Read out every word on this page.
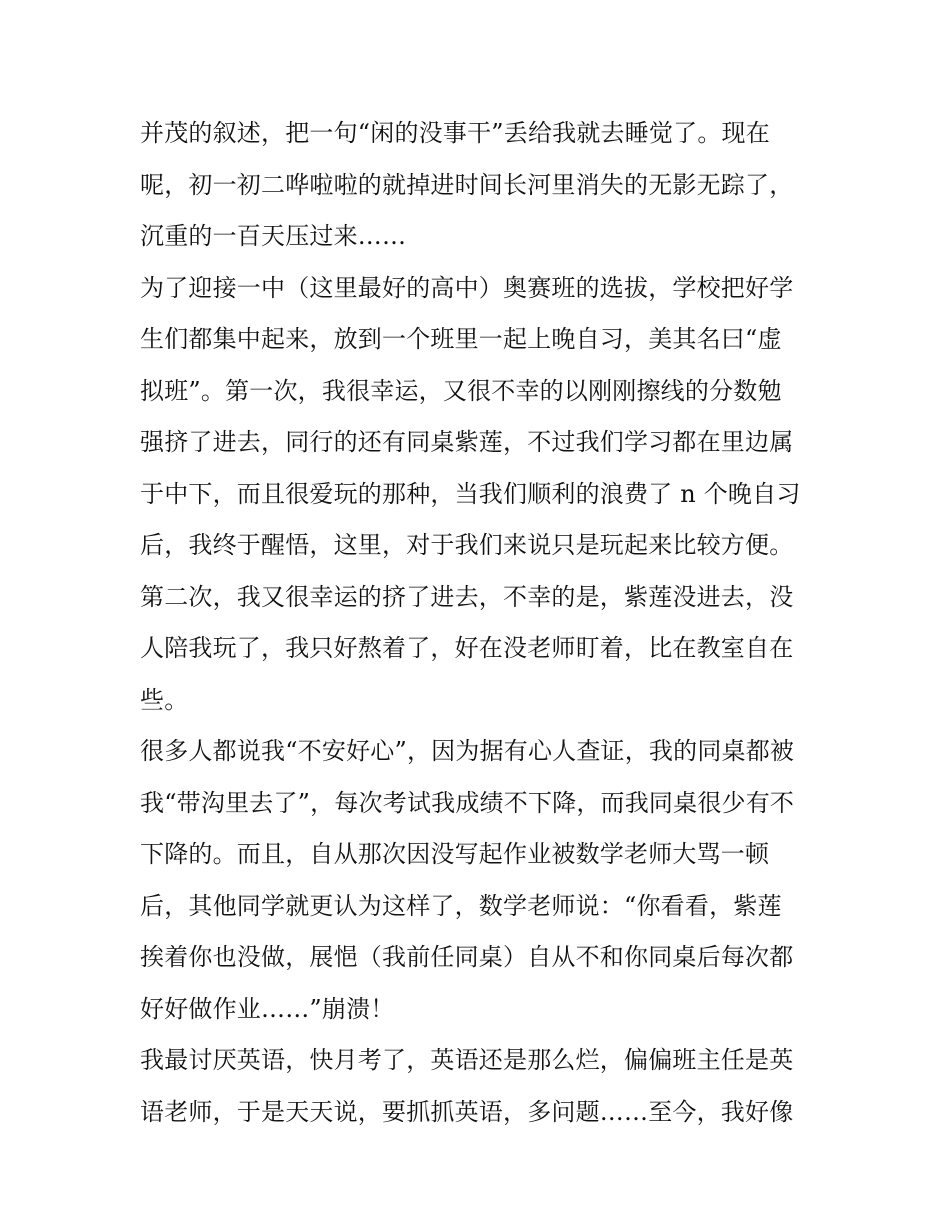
并茂的叙述，把一句“闲的没事干”丢给我就去睡觉了。现在
呢，初一初二哗啦啦的就掉进时间长河里消失的无影无踪了，
沉重的一百天压过来……
为了迎接一中（这里最好的高中）奥赛班的选拔，学校把好学
生们都集中起来，放到一个班里一起上晚自习，美其名曰“虚
拟班”。第一次，我很幸运，又很不幸的以刚刚擦线的分数勉
强挤了进去，同行的还有同桌紫莲，不过我们学习都在里边属
于中下，而且很爱玩的那种，当我们顺利的浪费了 n 个晚自习
后，我终于醒悟，这里，对于我们来说只是玩起来比较方便。
第二次，我又很幸运的挤了进去，不幸的是，紫莲没进去，没
人陪我玩了，我只好熬着了，好在没老师盯着，比在教室自在
些。
很多人都说我“不安好心”，因为据有心人查证，我的同桌都被
我“带沟里去了”，每次考试我成绩不下降，而我同桌很少有不
下降的。而且，自从那次因没写起作业被数学老师大骂一顿
后，其他同学就更认为这样了，数学老师说：“你看看，紫莲
挨着你也没做，展悒（我前任同桌）自从不和你同桌后每次都
好好做作业……”崩溃！
我最讨厌英语，快月考了，英语还是那么烂，偏偏班主任是英
语老师，于是天天说，要抓抓英语，多问题……至今，我好像
